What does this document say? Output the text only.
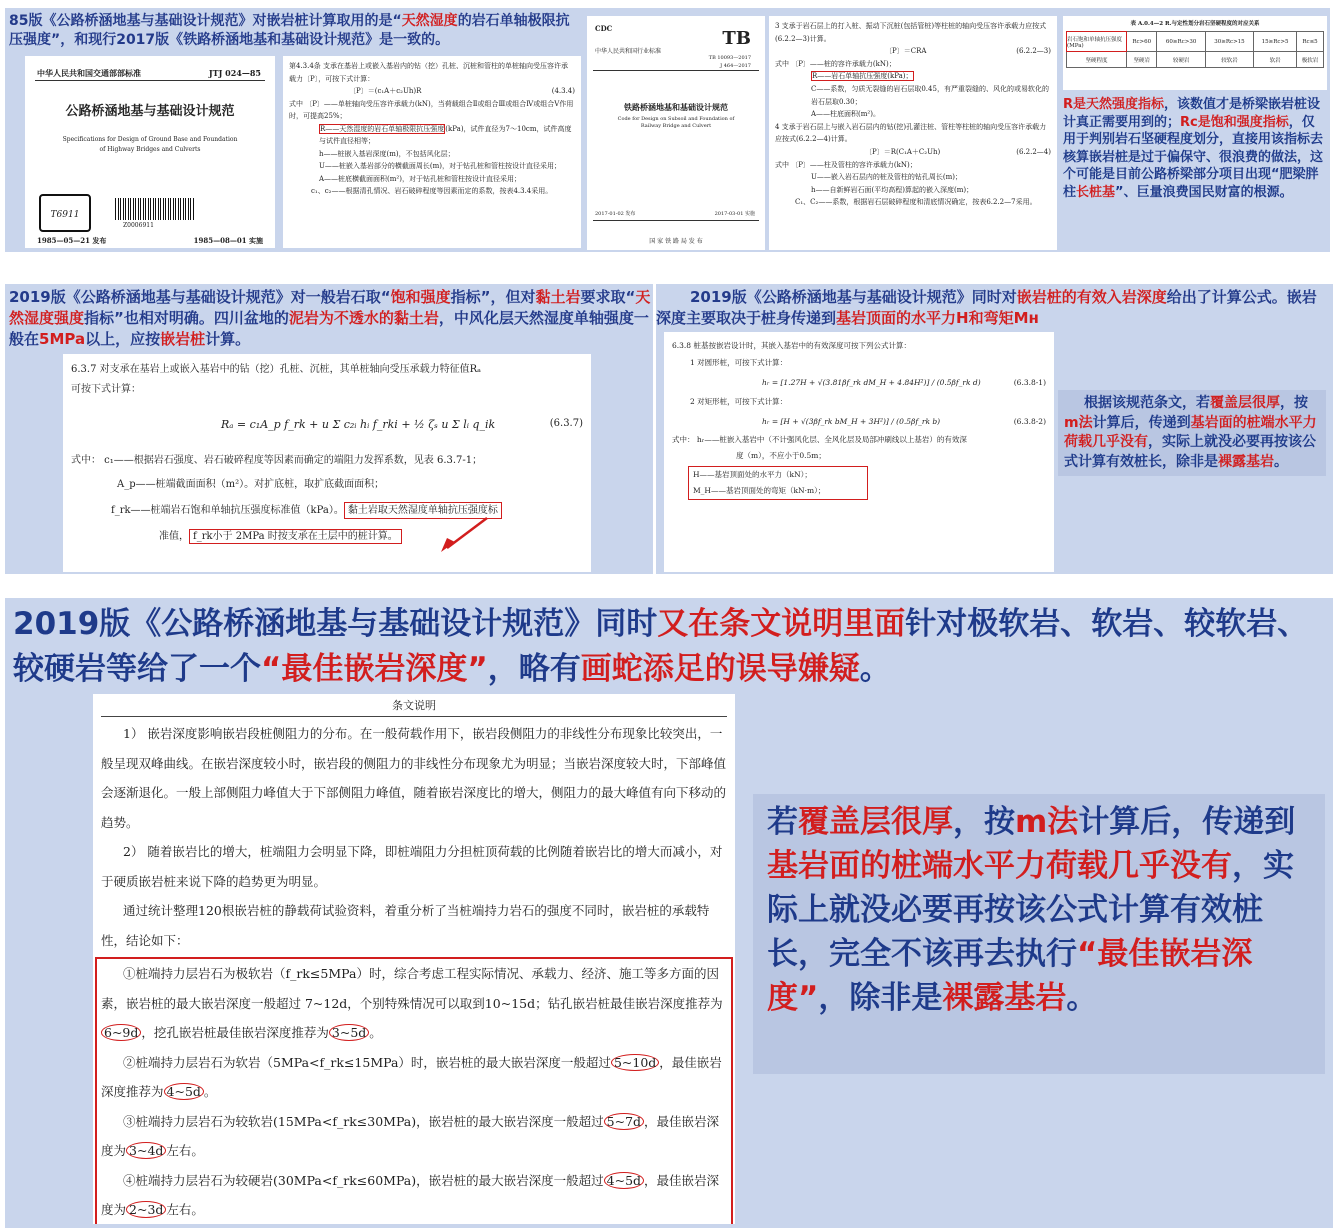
85版《公路桥涵地基与基础设计规范》对嵌岩桩计算取用的是“天然湿度的岩石单轴极限抗压强度”，和现行2017版《铁路桥涵地基和基础设计规范》是一致的。
中华人民共和国交通部部标准	JTJ 024—85
公路桥涵地基与基础设计规范
Specifications for Design of Ground Base and Foundation
of Highway Bridges and Culverts
T6911
Z0006911
1985—05—21 发布	1985—08—01 实施
第4.3.4条 支承在基岩上或嵌入基岩内的钻（挖）孔桩、沉桩和管柱的单桩轴向受压容许承载力〔P〕，可按下式计算：
〔P〕＝(c₁A＋c₂Uh)R	(4.3.4)
式中 〔P〕——单桩轴向受压容许承载力(kN)，当荷载组合Ⅱ或组合Ⅲ或组合Ⅳ或组合Ⅴ作用时，可提高25%；
R——天然湿度的岩石单轴极限抗压强度(kPa)，试件直径为7～10cm，试件高度与试件直径相等；
h——桩嵌入基岩深度(m)，不包括风化层；
U——桩嵌入基岩部分的横截面周长(m)，对于钻孔桩和管柱按设计直径采用；
A——桩底横截面面积(m²)，对于钻孔桩和管柱按设计直径采用；
c₁、c₂——根据清孔情况、岩石破碎程度等因素而定的系数，按表4.3.4采用。
CDC
中华人民共和国行业标准
TB
TB 10093—2017
J 464—2017
铁路桥涵地基和基础设计规范
Code for Design on Subsoil and Foundation of Railway Bridge and Culvert
2017-01-02 发布	2017-03-01 实施
国 家 铁 路 局 发 布
3 支承于岩石层上的打入桩、振动下沉桩(包括管桩)等柱桩的轴向受压容许承载力应按式(6.2.2—3)计算。
〔P〕＝CRA	(6.2.2—3)
式中 〔P〕——桩的容许承载力(kN)；
R——岩石单轴抗压强度(kPa)；
C——系数，匀质无裂缝的岩石层取0.45，有严重裂缝的、风化的或易软化的岩石层取0.30；
A——柱底面积(m²)。
4 支承于岩石层上与嵌入岩石层内的钻(挖)孔灌注桩、管柱等柱桩的轴向受压容许承载力应按式(6.2.2—4)计算。
〔P〕＝R(C₁A＋C₂Uh)	(6.2.2—4)
式中 〔P〕——柱及管柱的容许承载力(kN)；
U——嵌入岩石层内的桩及管柱的钻孔周长(m)；
h——自新鲜岩石面(平均高程)算起的嵌入深度(m)；
C₁、C₂——系数，根据岩石层破碎程度和清底情况确定，按表6.2.2—7采用。
表 A.0.4—2 R.与定性划分岩石坚硬程度的对应关系
岩石饱和单轴抗压强度(MPa)	Rc>60	60≥Rc>30	30≥Rc>15	15≥Rc>5	Rc≤5
坚硬程度	坚硬岩	较硬岩	较软岩	软岩	极软岩
R是天然强度指标，该数值才是桥梁嵌岩桩设计真正需要用到的；Rc是饱和强度指标，仅用于判别岩石坚硬程度划分，直接用该指标去核算嵌岩桩是过于偏保守、很浪费的做法，这个可能是目前公路桥梁部分项目出现“肥梁胖柱长桩基”、巨量浪费国民财富的根源。
2019版《公路桥涵地基与基础设计规范》对一般岩石取“饱和强度指标”，但对黏土岩要求取“天然湿度强度指标”也相对明确。四川盆地的泥岩为不透水的黏土岩，中风化层天然湿度单轴强度一般在5MPa以上，应按嵌岩桩计算。
6.3.7 对支承在基岩上或嵌入基岩中的钻（挖）孔桩、沉桩，其单桩轴向受压承载力特征值Rₐ
可按下式计算：
Rₐ = c₁A_p f_rk + u Σ c₂ᵢ hᵢ f_rki + ½ ζₛ u Σ lᵢ q_ik	(6.3.7)
式中： c₁——根据岩石强度、岩石破碎程度等因素而确定的端阻力发挥系数，见表 6.3.7-1；
A_p——桩端截面面积（m²）。对扩底桩，取扩底截面面积；
f_rk——桩端岩石饱和单轴抗压强度标准值（kPa）。 黏土岩取天然湿度单轴抗压强度标
准值， f_rk小于 2MPa 时按支承在土层中的桩计算。
2019版《公路桥涵地基与基础设计规范》同时对嵌岩桩的有效入岩深度给出了计算公式。嵌岩深度主要取决于桩身传递到基岩顶面的水平力H和弯矩Mн
6.3.8 桩基按嵌岩设计时，其嵌入基岩中的有效深度可按下列公式计算：
1 对圆形桩，可按下式计算：
hᵣ = [1.27H + √(3.81βf_rk dM_H + 4.84H²)] / (0.5βf_rk d)	(6.3.8-1)
2 对矩形桩，可按下式计算：
hᵣ = [H + √(3βf_rk bM_H + 3H²)] / (0.5βf_rk b)	(6.3.8-2)
式中： hᵣ——桩嵌入基岩中（不计强风化层、全风化层及局部冲刷线以上基岩）的有效深
度（m），不应小于0.5m；
H——基岩顶面处的水平力（kN）；
M_H——基岩顶面处的弯矩（kN·m）；
根据该规范条文，若覆盖层很厚，按m法计算后，传递到基岩面的桩端水平力荷载几乎没有，实际上就没必要再按该公式计算有效桩长，除非是裸露基岩。
2019版《公路桥涵地基与基础设计规范》同时又在条文说明里面针对极软岩、软岩、较软岩、较硬岩等给了一个“最佳嵌岩深度”，略有画蛇添足的误导嫌疑。
条文说明
1） 嵌岩深度影响嵌岩段桩侧阻力的分布。在一般荷载作用下，嵌岩段侧阻力的非线性分布现象比较突出，一般呈现双峰曲线。在嵌岩深度较小时，嵌岩段的侧阻力的非线性分布现象尤为明显；当嵌岩深度较大时，下部峰值会逐渐退化。一般上部侧阻力峰值大于下部侧阻力峰值，随着嵌岩深度比的增大，侧阻力的最大峰值有向下移动的趋势。
2） 随着嵌岩比的增大，桩端阻力会明显下降，即桩端阻力分担桩顶荷载的比例随着嵌岩比的增大而减小，对于硬质嵌岩桩来说下降的趋势更为明显。
通过统计整理120根嵌岩桩的静载荷试验资料，着重分析了当桩端持力岩石的强度不同时，嵌岩桩的承载特性，结论如下：
①桩端持力层岩石为极软岩（f_rk≤5MPa）时，综合考虑工程实际情况、承载力、经济、施工等多方面的因素，嵌岩桩的最大嵌岩深度一般超过 7~12d，个别特殊情况可以取到10~15d；钻孔嵌岩桩最佳嵌岩深度推荐为6~9d ，挖孔嵌岩桩最佳嵌岩深度推荐为 3~5d 。
②桩端持力层岩石为软岩（5MPa<f_rk≤15MPa）时，嵌岩桩的最大嵌岩深度一般超过 5~10d ，最佳嵌岩深度推荐为 4~5d 。
③桩端持力层岩石为较软岩(15MPa<f_rk≤30MPa)，嵌岩桩的最大嵌岩深度一般超过 5~7d ，最佳嵌岩深度为 3~4d 左右。
④桩端持力层岩石为较硬岩(30MPa<f_rk≤60MPa)，嵌岩桩的最大嵌岩深度一般超过 4~5d ，最佳嵌岩深度为 2~3d 左右。
若覆盖层很厚，按m法计算后，传递到基岩面的桩端水平力荷载几乎没有，实际上就没必要再按该公式计算有效桩长，完全不该再去执行“最佳嵌岩深度”，除非是裸露基岩。
